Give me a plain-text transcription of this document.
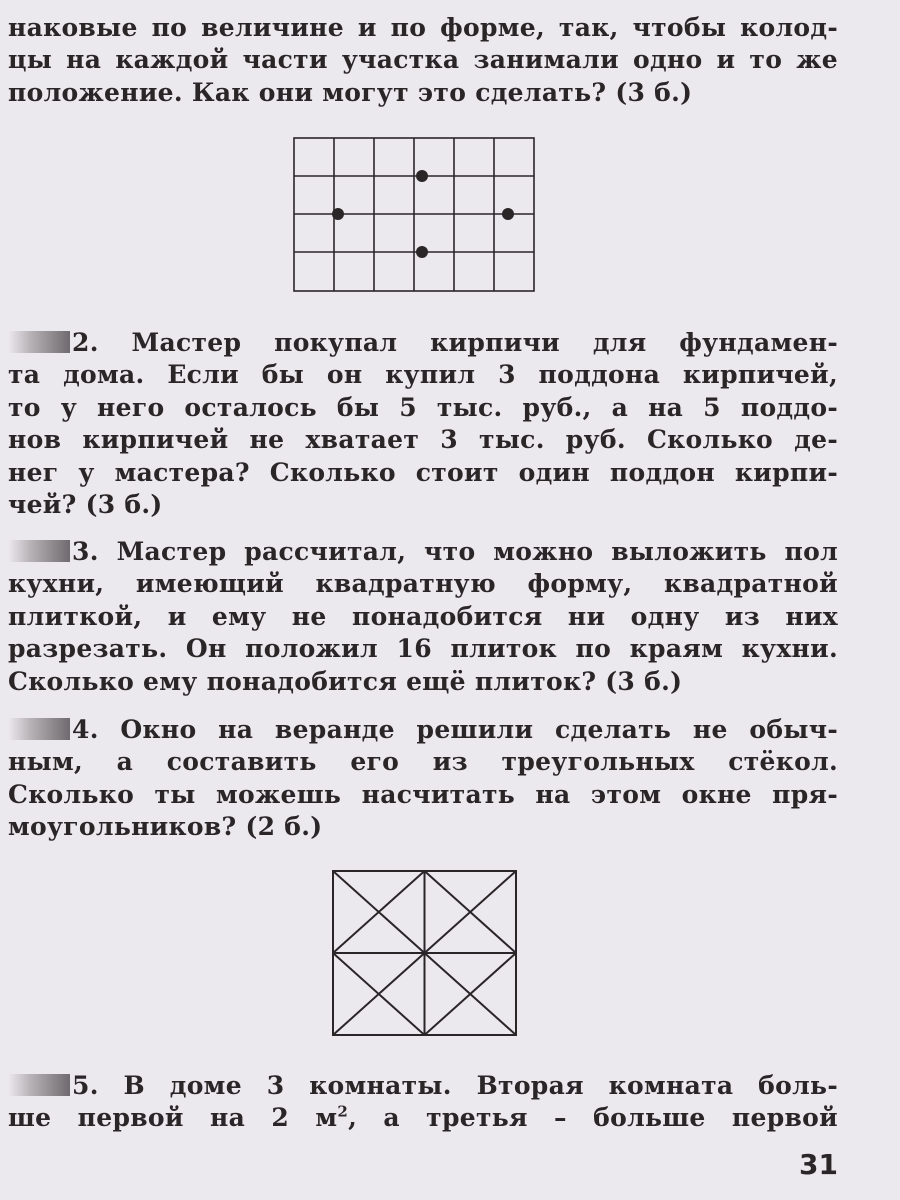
наковые по величине и по форме, так, чтобы колод-
цы на каждой части участка занимали одно и то же
положение. Как они могут это сделать? (3 б.)
2. Мастер покупал кирпичи для фундамен-
та дома. Если бы он купил 3 поддона кирпичей,
то у него осталось бы 5 тыс. руб., а на 5 поддо-
нов кирпичей не хватает 3 тыс. руб. Сколько де-
нег у мастера? Сколько стоит один поддон кирпи-
чей? (3 б.)
3. Мастер рассчитал, что можно выложить пол
кухни, имеющий квадратную форму, квадратной
плиткой, и ему не понадобится ни одну из них
разрезать. Он положил 16 плиток по краям кухни.
Сколько ему понадобится ещё плиток? (3 б.)
4. Окно на веранде решили сделать не обыч-
ным, а составить его из треугольных стёкол.
Сколько ты можешь насчитать на этом окне пря-
моугольников? (2 б.)
5. В доме 3 комнаты. Вторая комната боль-
ше первой на 2 $м^2$, а третья – больше первой
31
